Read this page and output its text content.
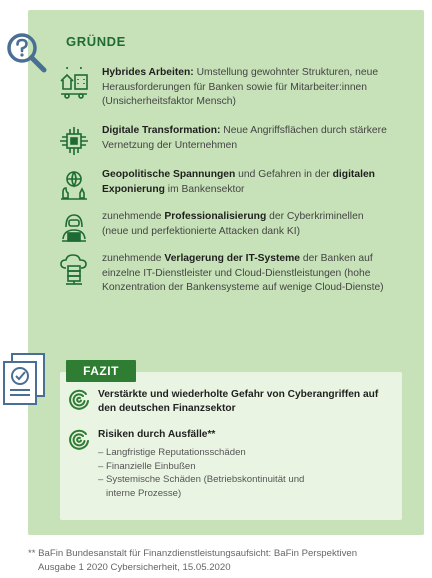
GRÜNDE
Hybrides Arbeiten: Umstellung gewohnter Strukturen, neue Herausforderungen für Banken sowie für Mitarbeiter:innen (Unsicherheitsfaktor Mensch)
Digitale Transformation: Neue Angriffsflächen durch stärkere Vernetzung der Unternehmen
Geopolitische Spannungen und Gefahren in der digitalen Exponierung im Bankensektor
zunehmende Professionalisierung der Cyberkriminellen (neue und perfektionierte Attacken dank KI)
zunehmende Verlagerung der IT-Systeme der Banken auf einzelne IT-Dienstleister und Cloud-Dienstleistungen (hohe Konzentration der Bankensysteme auf wenige Cloud-Dienste)
FAZIT
Verstärkte und wiederholte Gefahr von Cyberangriffen auf den deutschen Finanzsektor
Risiken durch Ausfälle**
– Langfristige Reputationsschäden
– Finanzielle Einbußen
– Systemische Schäden (Betriebskontinuität und
interne Prozesse)
** BaFin Bundesanstalt für Finanzdienstleistungsaufsicht: BaFin Perspektiven
Ausgabe 1 2020 Cybersicherheit, 15.05.2020
